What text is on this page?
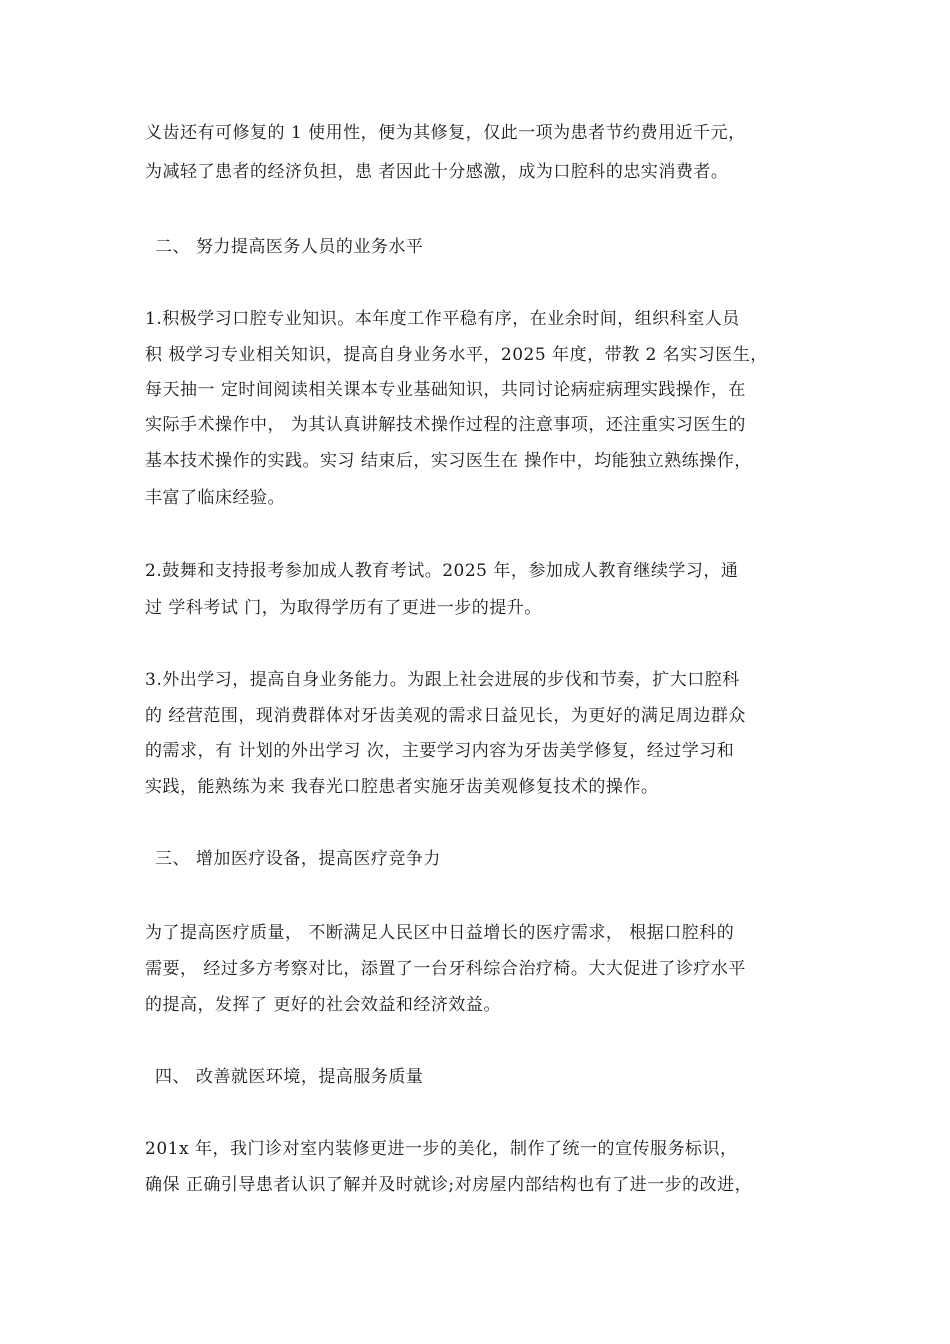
义齿还有可修复的 1 使用性，便为其修复，仅此一项为患者节约费用近千元，
为减轻了患者的经济负担，患 者因此十分感激，成为口腔科的忠实消费者。
二、 努力提高医务人员的业务水平
1.积极学习口腔专业知识。本年度工作平稳有序，在业余时间，组织科室人员
积 极学习专业相关知识，提高自身业务水平，2025 年度，带教 2 名实习医生，
每天抽一 定时间阅读相关课本专业基础知识，共同讨论病症病理实践操作，在
实际手术操作中， 为其认真讲解技术操作过程的注意事项，还注重实习医生的
基本技术操作的实践。实习 结束后，实习医生在 操作中，均能独立熟练操作，
丰富了临床经验。
2.鼓舞和支持报考参加成人教育考试。2025 年，参加成人教育继续学习，通
过 学科考试 门，为取得学历有了更进一步的提升。
3.外出学习，提高自身业务能力。为跟上社会进展的步伐和节奏，扩大口腔科
的 经营范围，现消费群体对牙齿美观的需求日益见长，为更好的满足周边群众
的需求，有 计划的外出学习 次，主要学习内容为牙齿美学修复，经过学习和
实践，能熟练为来 我春光口腔患者实施牙齿美观修复技术的操作。
三、 增加医疗设备，提高医疗竞争力
为了提高医疗质量， 不断满足人民区中日益增长的医疗需求， 根据口腔科的
需要， 经过多方考察对比，添置了一台牙科综合治疗椅。大大促进了诊疗水平
的提高，发挥了 更好的社会效益和经济效益。
四、 改善就医环境，提高服务质量
201x 年，我门诊对室内装修更进一步的美化，制作了统一的宣传服务标识，
确保 正确引导患者认识了解并及时就诊;对房屋内部结构也有了进一步的改进，
